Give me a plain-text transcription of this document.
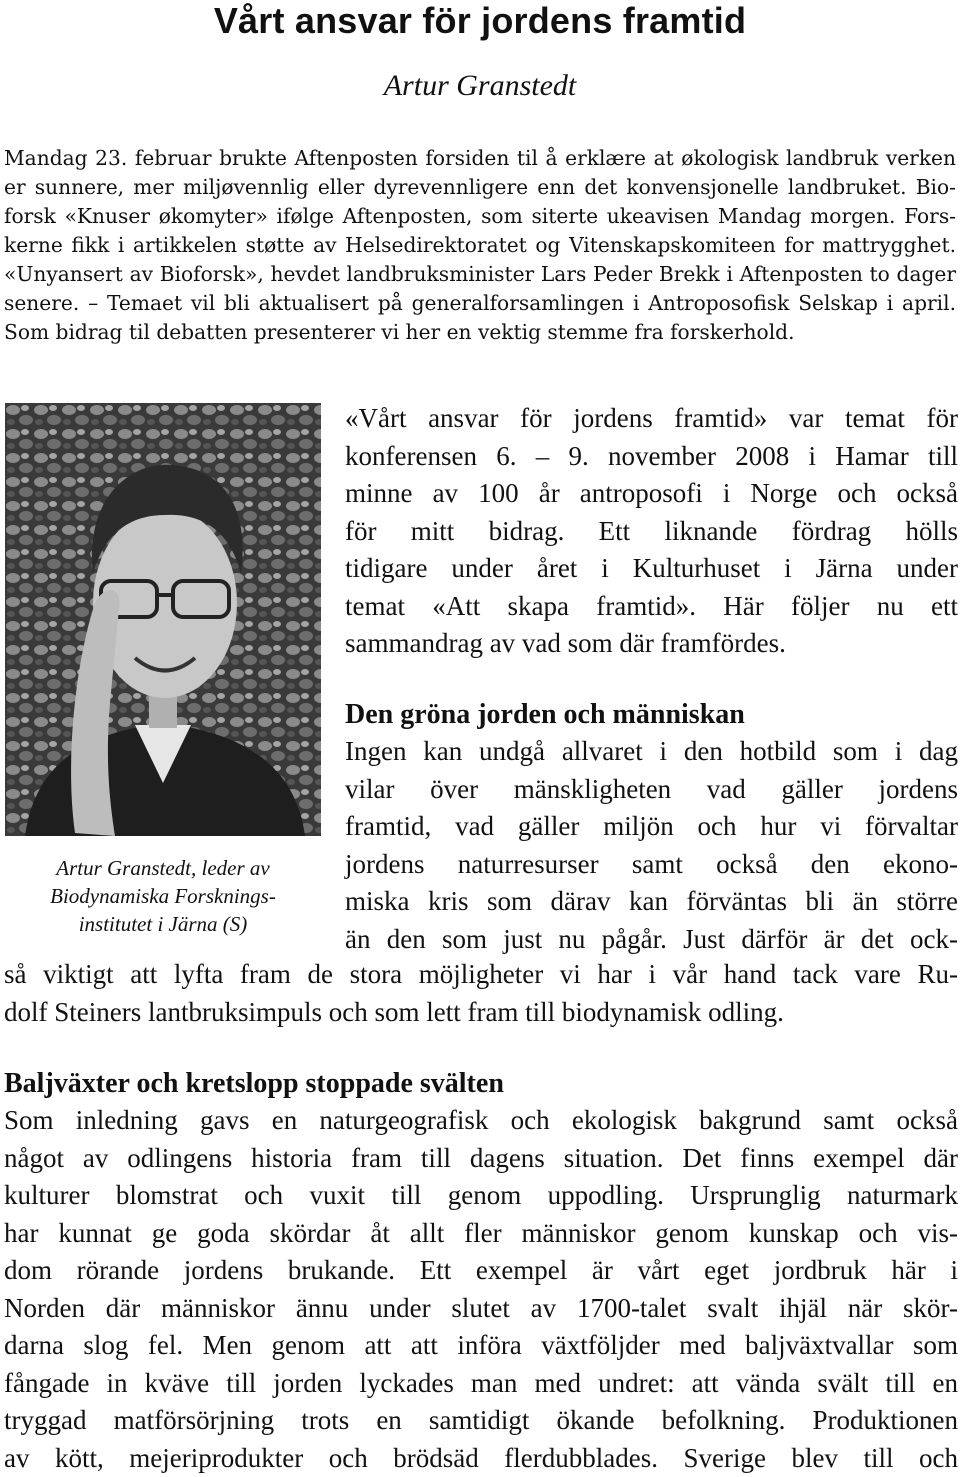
Vårt ansvar för jordens framtid
Artur Granstedt
Mandag 23. februar brukte Aftenposten forsiden til å erklære at økologisk landbruk verken
er sunnere, mer miljøvennlig eller dyrevennligere enn det konvensjonelle landbruket. Bio-
forsk «Knuser økomyter» ifølge Aftenposten, som siterte ukeavisen Mandag morgen. Fors-
kerne fikk i artikkelen støtte av Helsedirektoratet og Vitenskapskomiteen for mattrygghet.
«Unyansert av Bioforsk», hevdet landbruksminister Lars Peder Brekk i Aftenposten to dager
senere. – Temaet vil bli aktualisert på generalforsamlingen i Antroposofisk Selskap i april.
Som bidrag til debatten presenterer vi her en vektig stemme fra forskerhold.
Artur Granstedt, leder av
Biodynamiska Forsknings-
institutet i Järna (S)
«Vårt ansvar för jordens framtid» var temat för
konferensen 6. – 9. november 2008 i Hamar till
minne av 100 år antroposofi i Norge och också
för mitt bidrag. Ett liknande fördrag hölls
tidigare under året i Kulturhuset i Järna under
temat «Att skapa framtid». Här följer nu ett
sammandrag av vad som där framfördes.
Den gröna jorden och människan
Ingen kan undgå allvaret i den hotbild som i dag
vilar över mänskligheten vad gäller jordens
framtid, vad gäller miljön och hur vi förvaltar
jordens naturresurser samt också den ekono-
miska kris som därav kan förväntas bli än större
än den som just nu pågår. Just därför är det ock-
så viktigt att lyfta fram de stora möjligheter vi har i vår hand tack vare Ru-
dolf Steiners lantbruksimpuls och som lett fram till biodynamisk odling.
Baljväxter och kretslopp stoppade svälten
Som inledning gavs en naturgeografisk och ekologisk bakgrund samt också
något av odlingens historia fram till dagens situation. Det finns exempel där
kulturer blomstrat och vuxit till genom uppodling. Ursprunglig naturmark
har kunnat ge goda skördar åt allt fler människor genom kunskap och vis-
dom rörande jordens brukande. Ett exempel är vårt eget jordbruk här i
Norden där människor ännu under slutet av 1700-talet svalt ihjäl när skör-
darna slog fel. Men genom att att införa växtföljder med baljväxtvallar som
fångade in kväve till jorden lyckades man med undret: att vända svält till en
tryggad matförsörjning trots en samtidigt ökande befolkning. Produktionen
av kött, mejeriprodukter och brödsäd flerdubblades. Sverige blev till och
